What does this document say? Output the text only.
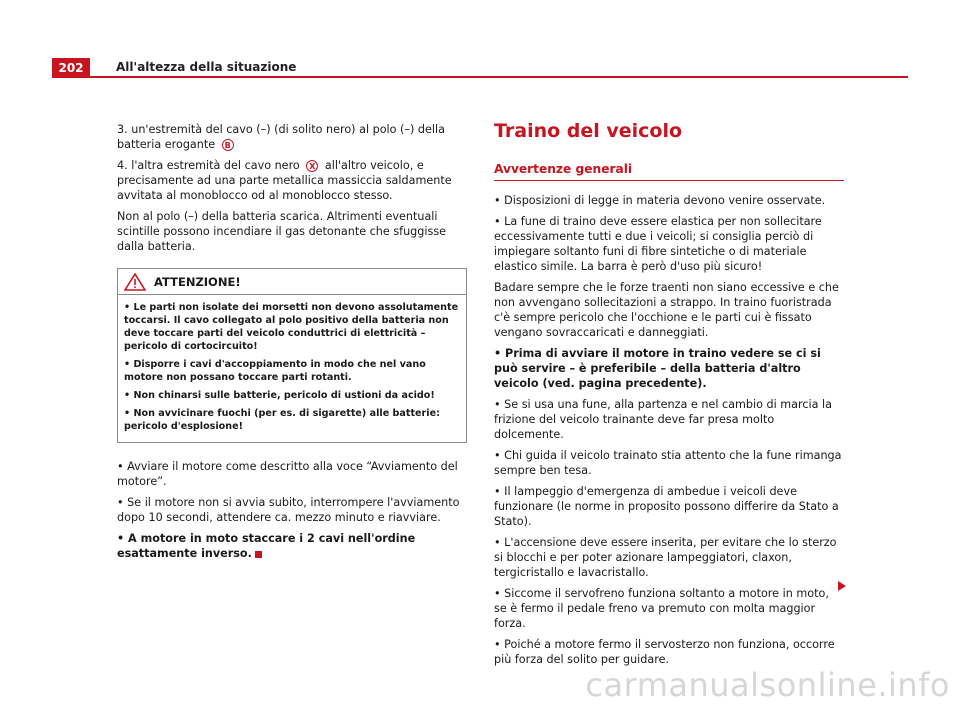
202	All'altezza della situazione

3. un'estremità del cavo (–) (di solito nero) al polo (–) della batteria erogante B

4. l'altra estremità del cavo nero X all'altro veicolo, e precisamente ad una parte metallica massiccia saldamente avvitata al monoblocco od al monoblocco stesso.

Non al polo (–) della batteria scarica. Altrimenti eventuali scintille possono incendiare il gas detonante che sfuggisse dalla batteria.

ATTENZIONE!

• Le parti non isolate dei morsetti non devono assolutamente toccarsi. Il cavo collegato al polo positivo della batteria non deve toccare parti del veicolo conduttrici di elettricità – pericolo di cortocircuito!

• Disporre i cavi d'accoppiamento in modo che nel vano motore non possano toccare parti rotanti.

• Non chinarsi sulle batterie, pericolo di ustioni da acido!

• Non avvicinare fuochi (per es. di sigarette) alle batterie: pericolo d'esplosione!

• Avviare il motore come descritto alla voce “Avviamento del motore”.

• Se il motore non si avvia subito, interrompere l'avviamento dopo 10 secondi, attendere ca. mezzo minuto e riavviare.

• A motore in moto staccare i 2 cavi nell'ordine esattamente inverso.

Traino del veicolo
Avvertenze generali

• Disposizioni di legge in materia devono venire osservate.

• La fune di traino deve essere elastica per non sollecitare eccessivamente tutti e due i veicoli; si consiglia perciò di impiegare soltanto funi di fibre sintetiche o di materiale elastico simile. La barra è però d'uso più sicuro!

Badare sempre che le forze traenti non siano eccessive e che non avvengano sollecitazioni a strappo. In traino fuoristrada c'è sempre pericolo che l'occhione e le parti cui è fissato vengano sovraccaricati e danneggiati.

• Prima di avviare il motore in traino vedere se ci si può servire – è preferibile – della batteria d'altro veicolo (ved. pagina precedente).

• Se si usa una fune, alla partenza e nel cambio di marcia la frizione del veicolo trainante deve far presa molto dolcemente.

• Chi guida il veicolo trainato stia attento che la fune rimanga sempre ben tesa.

• Il lampeggio d'emergenza di ambedue i veicoli deve funzionare (le norme in proposito possono differire da Stato a Stato).

• L'accensione deve essere inserita, per evitare che lo sterzo si blocchi e per poter azionare lampeggiatori, claxon, tergicristallo e lavacristallo.

• Siccome il servofreno funziona soltanto a motore in moto, se è fermo il pedale freno va premuto con molta maggior forza.

• Poiché a motore fermo il servosterzo non funziona, occorre più forza del solito per guidare.

carmanualsonline.info
